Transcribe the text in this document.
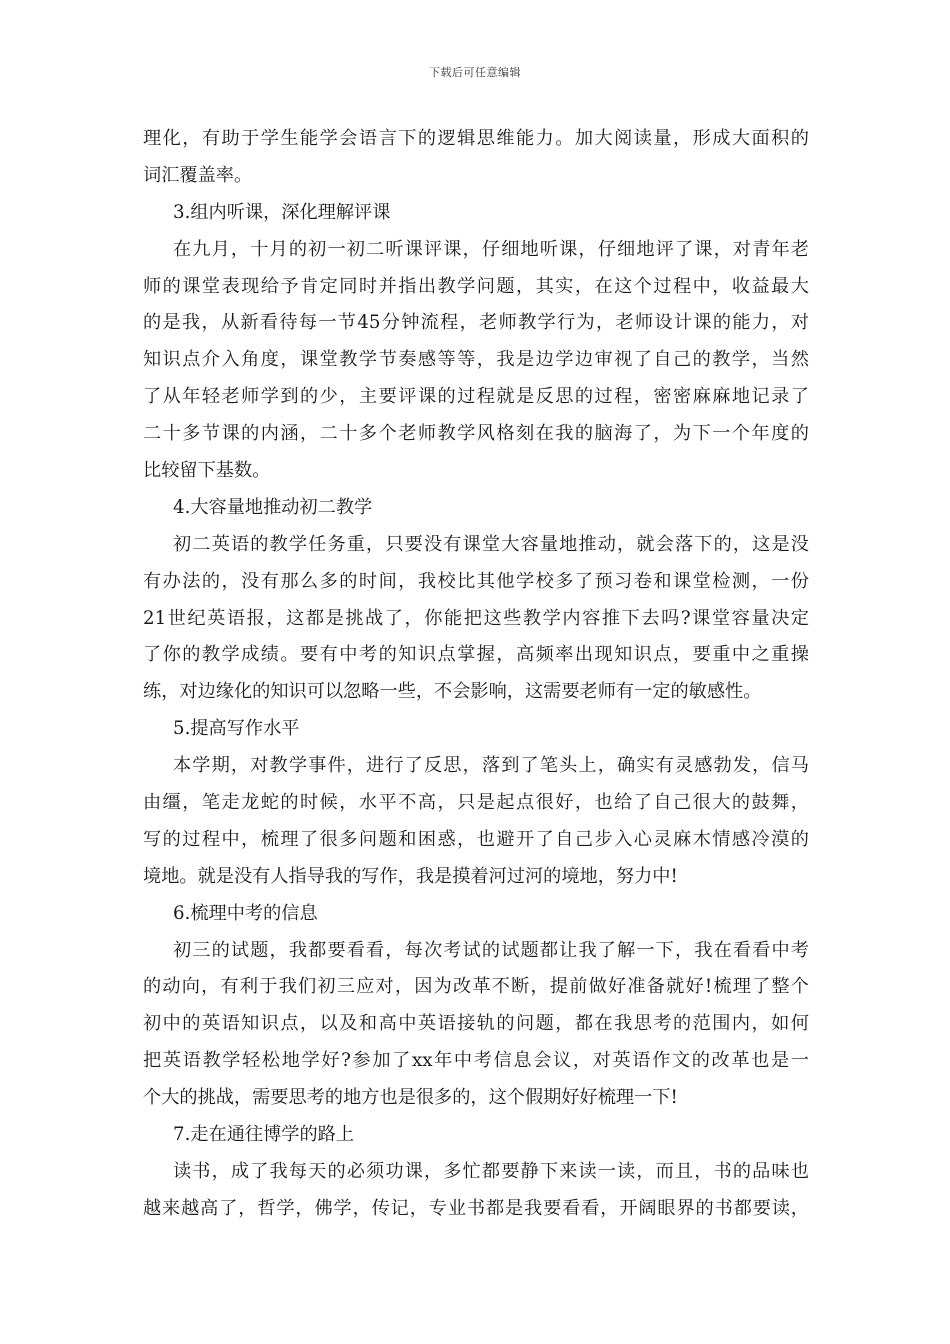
下载后可任意编辑
理化，有助于学生能学会语言下的逻辑思维能力。加大阅读量，形成大面积的
词汇覆盖率。
3.组内听课，深化理解评课
在九月，十月的初一初二听课评课，仔细地听课，仔细地评了课，对青年老
师的课堂表现给予肯定同时并指出教学问题，其实，在这个过程中，收益最大
的是我，从新看待每一节45分钟流程，老师教学行为，老师设计课的能力，对
知识点介入角度，课堂教学节奏感等等，我是边学边审视了自己的教学，当然
了从年轻老师学到的少，主要评课的过程就是反思的过程，密密麻麻地记录了
二十多节课的内涵，二十多个老师教学风格刻在我的脑海了，为下一个年度的
比较留下基数。
4.大容量地推动初二教学
初二英语的教学任务重，只要没有课堂大容量地推动，就会落下的，这是没
有办法的，没有那么多的时间，我校比其他学校多了预习卷和课堂检测，一份
21世纪英语报，这都是挑战了，你能把这些教学内容推下去吗?课堂容量决定
了你的教学成绩。要有中考的知识点掌握，高频率出现知识点，要重中之重操
练，对边缘化的知识可以忽略一些，不会影响，这需要老师有一定的敏感性。
5.提高写作水平
本学期，对教学事件，进行了反思，落到了笔头上，确实有灵感勃发，信马
由缰，笔走龙蛇的时候，水平不高，只是起点很好，也给了自己很大的鼓舞，
写的过程中，梳理了很多问题和困惑，也避开了自己步入心灵麻木情感冷漠的
境地。就是没有人指导我的写作，我是摸着河过河的境地，努力中!
6.梳理中考的信息
初三的试题，我都要看看，每次考试的试题都让我了解一下，我在看看中考
的动向，有利于我们初三应对，因为改革不断，提前做好准备就好!梳理了整个
初中的英语知识点，以及和高中英语接轨的问题，都在我思考的范围内，如何
把英语教学轻松地学好?参加了xx年中考信息会议，对英语作文的改革也是一
个大的挑战，需要思考的地方也是很多的，这个假期好好梳理一下!
7.走在通往博学的路上
读书，成了我每天的必须功课，多忙都要静下来读一读，而且，书的品味也
越来越高了，哲学，佛学，传记，专业书都是我要看看，开阔眼界的书都要读，
